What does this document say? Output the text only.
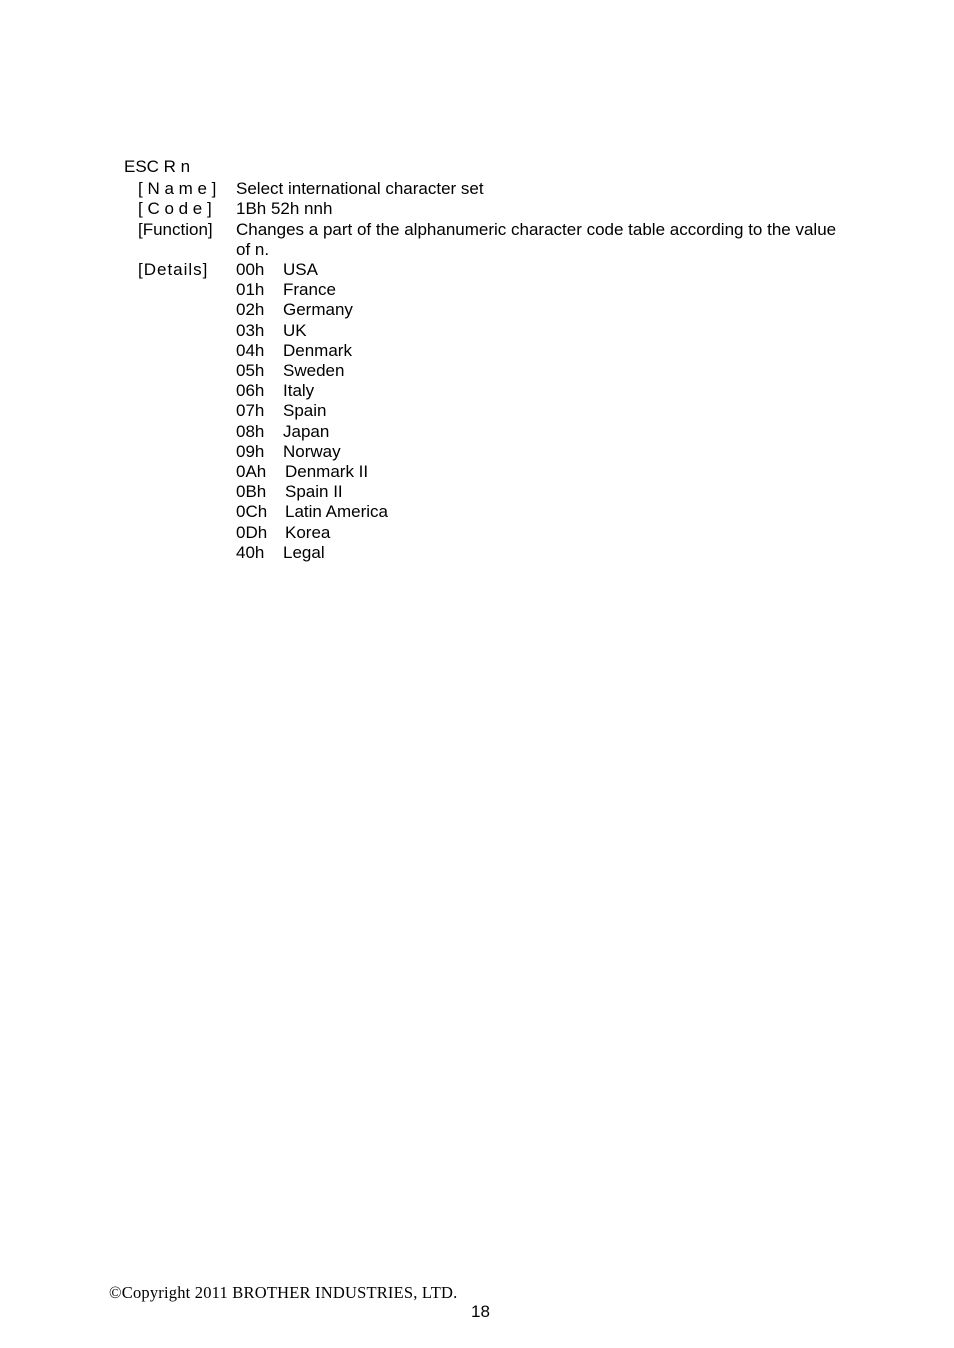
ESC R n
[ N a m e ] Select international character set
[ C o d e ] 1Bh 52h nnh
[Function] Changes a part of the alphanumeric character code table according to the value
of n.
[Details] 00h USA
01h France
02h Germany
03h UK
04h Denmark
05h Sweden
06h Italy
07h Spain
08h Japan
09h Norway
0Ah Denmark II
0Bh Spain II
0Ch Latin America
0Dh Korea
40h Legal
©Copyright 2011 BROTHER INDUSTRIES, LTD.
18
